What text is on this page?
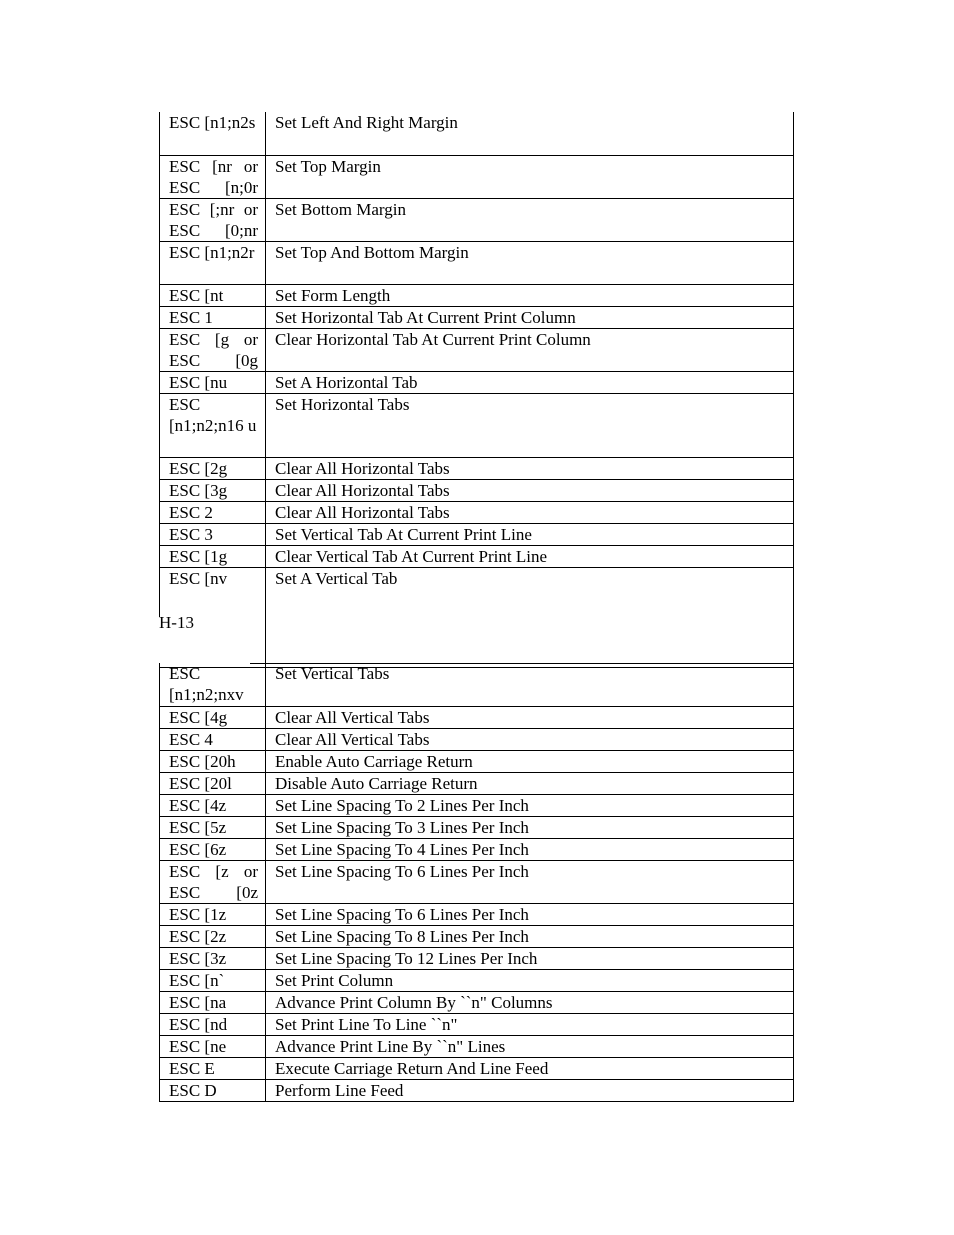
ESC [n1;n2s	Set Left And Right Margin
ESC [nr or ESC [n;0r	Set Top Margin
ESC [;nr or ESC [0;nr	Set Bottom Margin
ESC [n1;n2r	Set Top And Bottom Margin
ESC [nt	Set Form Length
ESC 1	Set Horizontal Tab At Current Print Column
ESC [g or ESC [0g	Clear Horizontal Tab At Current Print Column
ESC [nu	Set A Horizontal Tab
ESC [n1;n2;n16 u	Set Horizontal Tabs
ESC [2g	Clear All Horizontal Tabs
ESC [3g	Clear All Horizontal Tabs
ESC 2	Clear All Horizontal Tabs
ESC 3	Set Vertical Tab At Current Print Line
ESC [1g	Clear Vertical Tab At Current Print Line
ESC [nv	Set A Vertical Tab

H-13
ESC [n1;n2;nxv	Set Vertical Tabs
ESC [4g	Clear All Vertical Tabs
ESC 4	Clear All Vertical Tabs
ESC [20h	Enable Auto Carriage Return
ESC [20l	Disable Auto Carriage Return
ESC [4z	Set Line Spacing To 2 Lines Per Inch
ESC [5z	Set Line Spacing To 3 Lines Per Inch
ESC [6z	Set Line Spacing To 4 Lines Per Inch
ESC [z or ESC [0z	Set Line Spacing To 6 Lines Per Inch
ESC [1z	Set Line Spacing To 6 Lines Per Inch
ESC [2z	Set Line Spacing To 8 Lines Per Inch
ESC [3z	Set Line Spacing To 12 Lines Per Inch
ESC [n`	Set Print Column
ESC [na	Advance Print Column By ``n" Columns
ESC [nd	Set Print Line To Line ``n"
ESC [ne	Advance Print Line By ``n" Lines
ESC E	Execute Carriage Return And Line Feed
ESC D	Perform Line Feed
